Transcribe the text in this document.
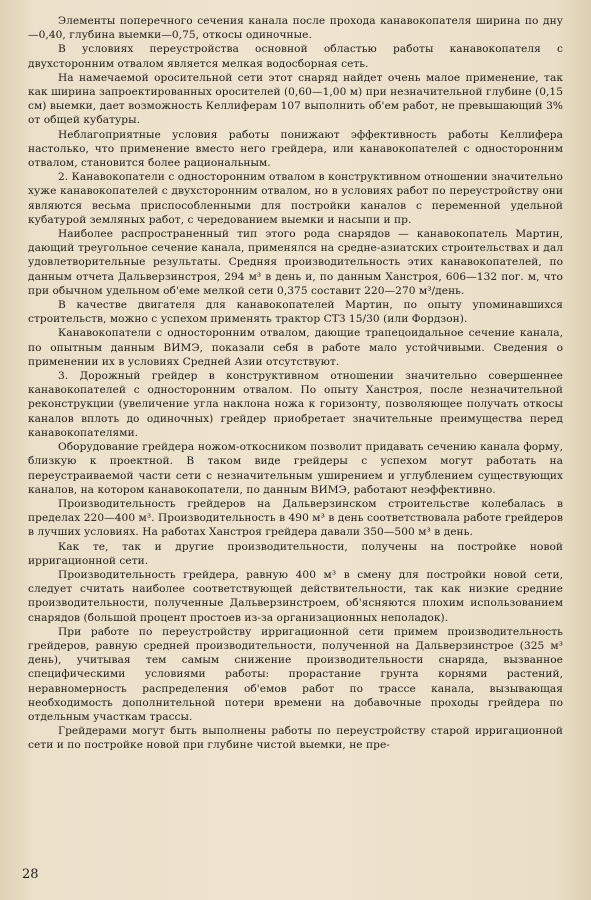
Элементы поперечного сечения канала после прохода канавокопателя ширина по дну—0,40, глубина выемки—0,75, откосы одиночные.

В условиях переустройства основной областью работы канавокопателя с двухсторонним отвалом является мелкая водосборная сеть.

На намечаемой оросительной сети этот снаряд найдет очень малое применение, так как ширина запроектированных оросителей (0,60—1,00 м) при незначительной глубине (0,15 см) выемки, дает возможность Келлиферам 107 выполнить об'ем работ, не превышающий 3% от общей кубатуры.

Неблагоприятные условия работы понижают эффективность работы Келлифера настолько, что применение вместо него грейдера, или канавокопателей с односторонним отвалом, становится более рациональным.

2. Канавокопатели с односторонним отвалом в конструктивном отношении значительно хуже канавокопателей с двухсторонним отвалом, но в условиях работ по переустройству они являются весьма приспособленными для постройки каналов с переменной удельной кубатурой земляных работ, с чередованием выемки и насыпи и пр.

Наиболее распространенный тип этого рода снарядов — канавокопатель Мартин, дающий треугольное сечение канала, применялся на средне-азиатских строительствах и дал удовлетворительные результаты. Средняя производительность этих канавокопателей, по данным отчета Дальверзинстроя, 294 м³ в день и, по данным Ханстроя, 606—132 пог. м, что при обычном удельном об'еме мелкой сети 0,375 составит 220—270 м³/день.

В качестве двигателя для канавокопателей Мартин, по опыту упоминавшихся строительств, можно с успехом применять трактор СТЗ 15/30 (или Фордзон).

Канавокопатели с односторонним отвалом, дающие трапецоидальное сечение канала, по опытным данным ВИМЭ, показали себя в работе мало устойчивыми. Сведения о применении их в условиях Средней Азии отсутствуют.

3. Дорожный грейдер в конструктивном отношении значительно совершеннее канавокопателей с односторонним отвалом. По опыту Ханстроя, после незначительной реконструкции (увеличение угла наклона ножа к горизонту, позволяющее получать откосы каналов вплоть до одиночных) грейдер приобретает значительные преимущества перед канавокопателями.

Оборудование грейдера ножом-откосником позволит придавать сечению канала форму, близкую к проектной. В таком виде грейдеры с успехом могут работать на переустраиваемой части сети с незначительным уширением и углублением существующих каналов, на котором канавокопатели, по данным ВИМЭ, работают неэффективно.

Производительность грейдеров на Дальверзинском строительстве колебалась в пределах 220—400 м³. Производительность в 490 м³ в день соответствовала работе грейдеров в лучших условиях. На работах Ханстроя грейдера давали 350—500 м³ в день.

Как те, так и другие производительности, получены на постройке новой ирригационной сети.

Производительность грейдера, равную 400 м³ в смену для постройки новой сети, следует считать наиболее соответствующей действительности, так как низкие средние производительности, полученные Дальверзинстроем, об'ясняются плохим использованием снарядов (большой процент простоев из-за организационных неполадок).

При работе по переустройству ирригационной сети примем производительность грейдеров, равную средней производительности, полученной на Дальверзинстрое (325 м³ день), учитывая тем самым снижение производительности снаряда, вызванное специфическими условиями работы: прорастание грунта корнями растений, неравномерность распределения об'емов работ по трассе канала, вызывающая необходимость дополнительной потери времени на добавочные проходы грейдера по отдельным участкам трассы.

Грейдерами могут быть выполнены работы по переустройству старой ирригационной сети и по постройке новой при глубине чистой выемки, не пре-

28
